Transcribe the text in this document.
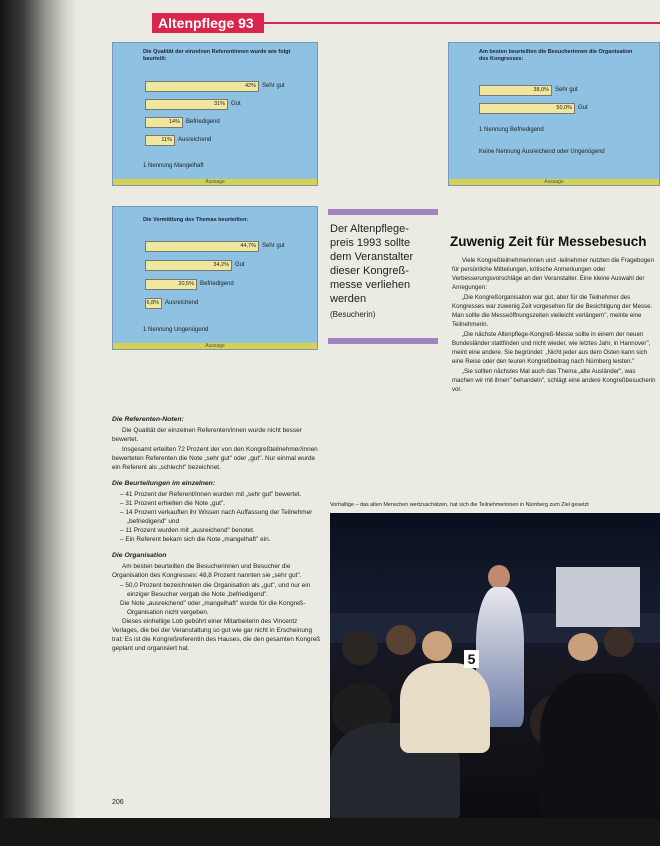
Altenpflege 93
Die Qualität der einzelnen Referentinnen wurde wie folgt beurteilt:
1 Nennung Mangelhaft
Aussage
42% Sehr gut
31% Gut
14% Befriedigend
11% Ausreichend
Am besten beurteilten die Besucherinnen die Organisation des Kongresses:
1 Nennung Befriedigend
Keine Nennung Ausreichend oder Ungenügend
Aussage
38,0% Sehr gut
50,0% Gut
Die Vermittlung des Themas beurteilten:
1 Nennung Ungenügend
Aussage
44,7% Sehr gut
34,2% Gut
20,5% Befriedigend
6,8% Ausreichend
Der Altenpflege-
preis 1993 sollte
dem Veranstalter
dieser Kongreß-
messe verliehen
werden
(Besucherin)
Zuwenig Zeit für Messebesuch

Viele Kongreßteilnehmerinnen und -teilnehmer nutzten die Fragebogen für persönliche Mitteilungen, kritische Anmerkungen oder Verbesserungsvorschläge an den Veranstalter. Eine kleine Auswahl der Anregungen:

„Die Kongreßorganisation war gut, aber für die Teilnehmer des Kongresses war zuwenig Zeit vorgesehen für die Besichtigung der Messe. Man sollte die Messeöffnungszeiten vielleicht verlängern", meinte eine Teilnehmerin.

„Die nächste Altenpflege-Kongreß-Messe sollte in einem der neuen Bundesländer stattfinden und nicht wieder, wie letztes Jahr, in Hannover", meint eine andere. Sie begründet: „Nicht jeder aus dem Osten kann sich eine Reise oder den teuren Kongreßbeitrag nach Nürnberg leisten."

„Sie sollten nächstes Mal auch das Thema „alte Ausländer", was machen wir mit ihnen" behandeln", schlägt eine andere Kongreßbesucherin vor.

Die Referenten-Noten:

Die Qualität der einzelnen Referenten/innen wurde nicht besser bewertet.

Insgesamt erteilten 72 Prozent der von den Kongreßteilnehmer/innen bewerteten Referenten die Note „sehr gut" oder „gut". Nur einmal wurde ein Referent als „schlecht" bezeichnet.

Die Beurteilungen im einzelnen:
– 41 Prozent der Referent/innen wurden mit „sehr gut" bewertet.
– 31 Prozent erhielten die Note „gut".
– 14 Prozent verkauften ihr Wissen nach Auffassung der Teilnehmer „befriedigend" und
– 11 Prozent wurden mit „ausreichend" benotet.
– Ein Referent bekam sich die Note „mangelhaft" ein.
Die Organisation

Am besten beurteilten die Besucherinnen und Besucher die Organisation des Kongresses: 48,8 Prozent nannten sie „sehr gut".

– 50,0 Prozent bezeichneten die Organisation als „gut", und nur ein einziger Besucher vergab die Note „befriedigend".
Die Note „ausreichend" oder „mangelhaft" wurde für die Kongreß-Organisation nicht vergeben.

Dieses einhellige Lob gebührt einer Mitarbeiterin des Vincentz Verlages, die bei der Veranstaltung so gut wie gar nicht in Erscheinung trat: Es ist die Kongreßreferentin des Hauses, die den gesamten Kongreß geplant und organisiert hat.

206
Vorhaltige – das alten Menschen wertzuschätzen, hat sich die Teilnehmerinnen in Nürnberg zum Ziel gesetzt
5
